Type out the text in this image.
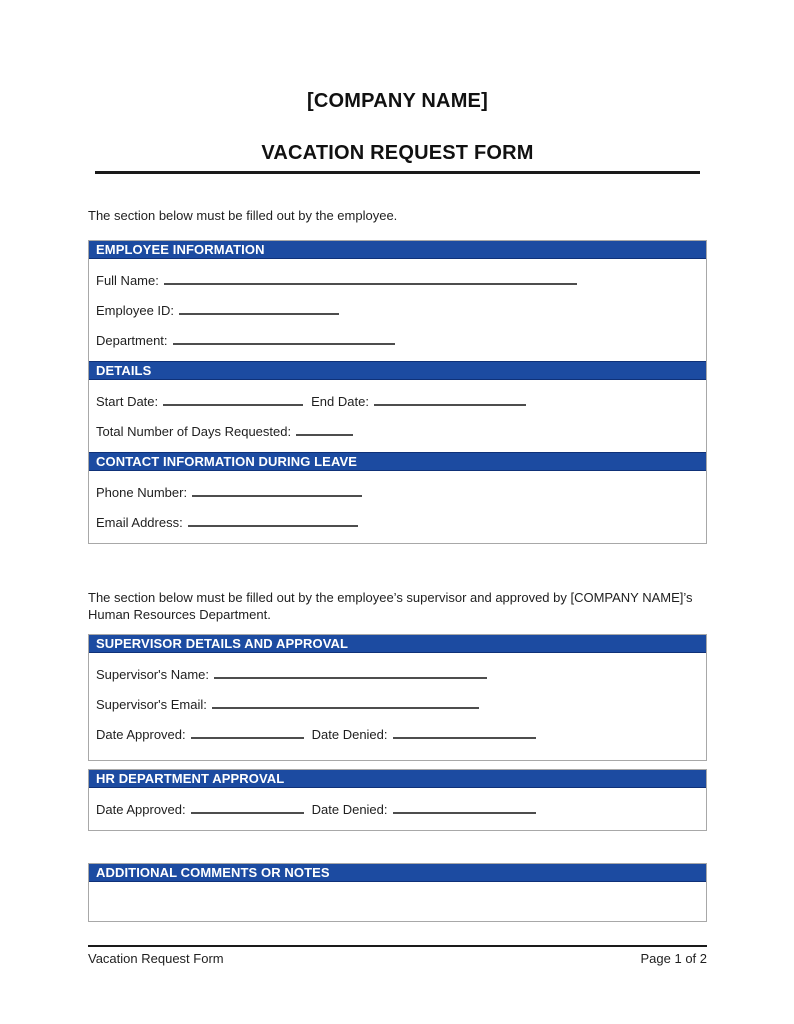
[COMPANY NAME]
VACATION REQUEST FORM
The section below must be filled out by the employee.
EMPLOYEE INFORMATION
Full Name:
Employee ID:
Department:
DETAILS
Start Date:	End Date:
Total Number of Days Requested:
CONTACT INFORMATION DURING LEAVE
Phone Number:
Email Address:
The section below must be filled out by the employee’s supervisor and approved by [COMPANY NAME]’s Human Resources Department.
SUPERVISOR DETAILS AND APPROVAL
Supervisor's Name:
Supervisor's Email:
Date Approved:	Date Denied:
HR DEPARTMENT APPROVAL
Date Approved:	Date Denied:
ADDITIONAL COMMENTS OR NOTES
Vacation Request Form	Page 1 of 2
